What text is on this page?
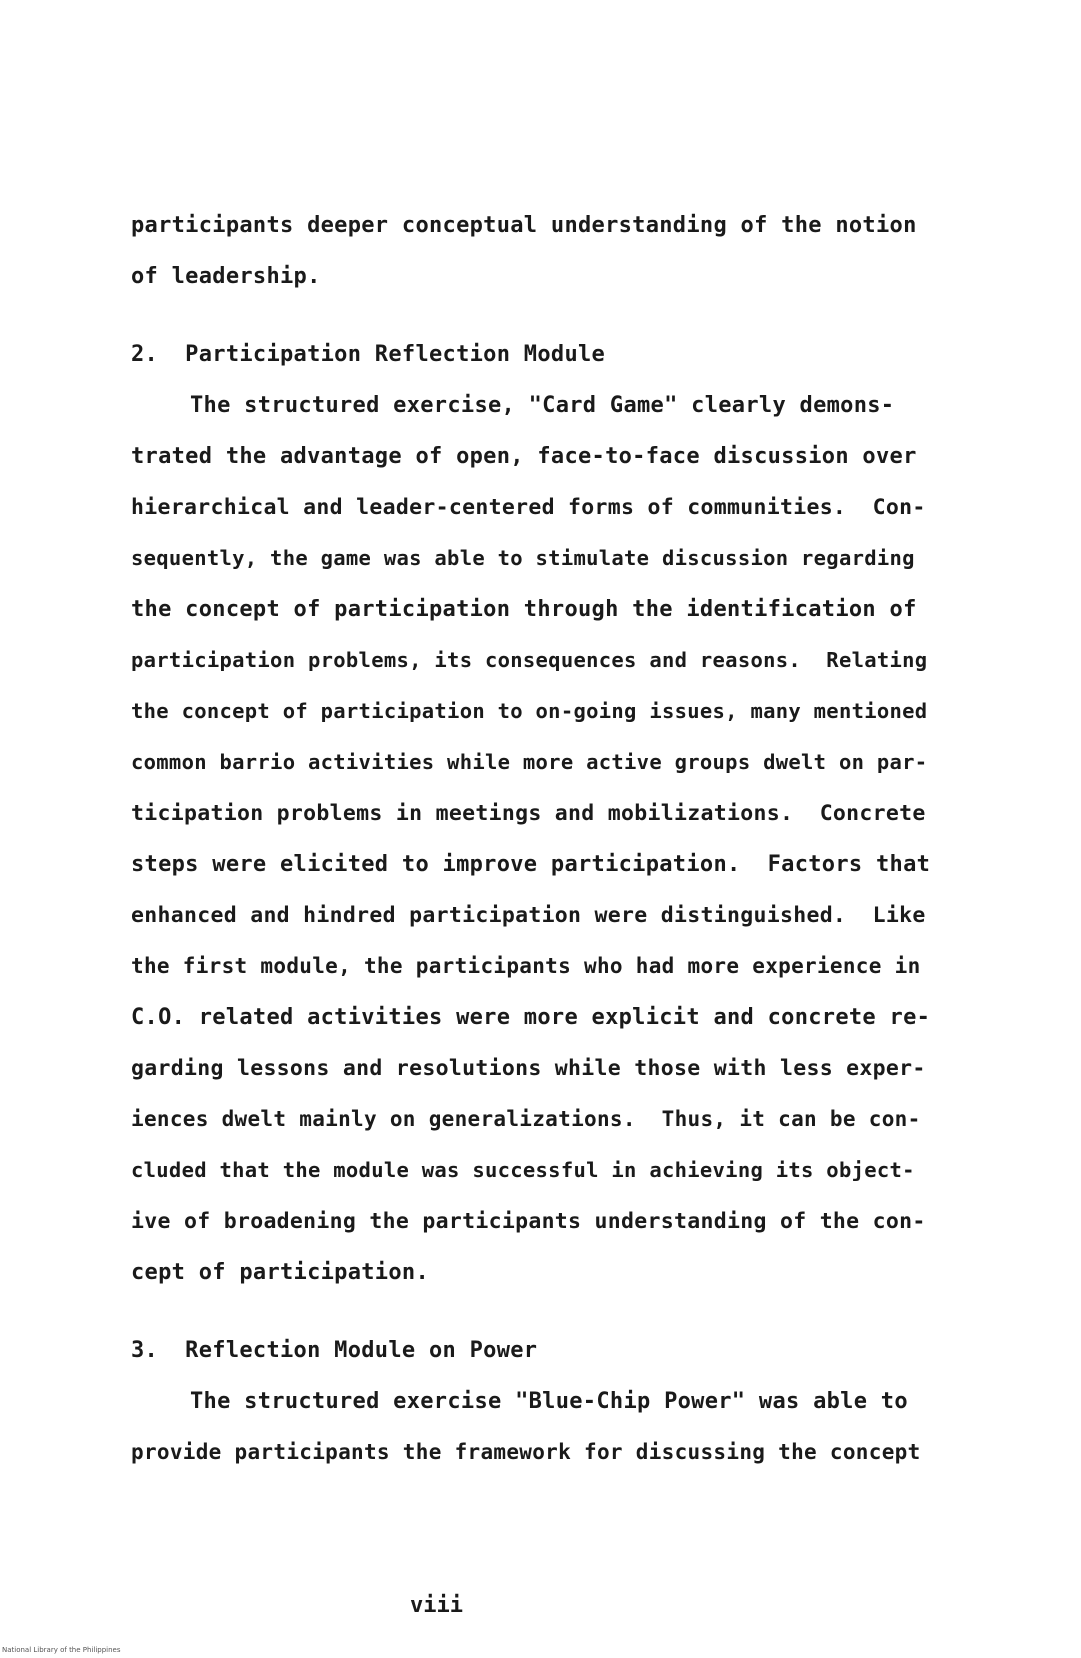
participants deeper conceptual understanding of the notion
of leadership.
2.  Participation Reflection Module
The structured exercise, "Card Game" clearly demons-
trated the advantage of open, face-to-face discussion over
hierarchical and leader-centered forms of communities.  Con-
sequently, the game was able to stimulate discussion regarding
the concept of participation through the identification of
participation problems, its consequences and reasons.  Relating
the concept of participation to on-going issues, many mentioned
common barrio activities while more active groups dwelt on par-
ticipation problems in meetings and mobilizations.  Concrete
steps were elicited to improve participation.  Factors that
enhanced and hindred participation were distinguished.  Like
the first module, the participants who had more experience in
C.O. related activities were more explicit and concrete re-
garding lessons and resolutions while those with less exper-
iences dwelt mainly on generalizations.  Thus, it can be con-
cluded that the module was successful in achieving its object-
ive of broadening the participants understanding of the con-
cept of participation.
3.  Reflection Module on Power
The structured exercise "Blue-Chip Power" was able to
provide participants the framework for discussing the concept
viii
National Library of the Philippines
